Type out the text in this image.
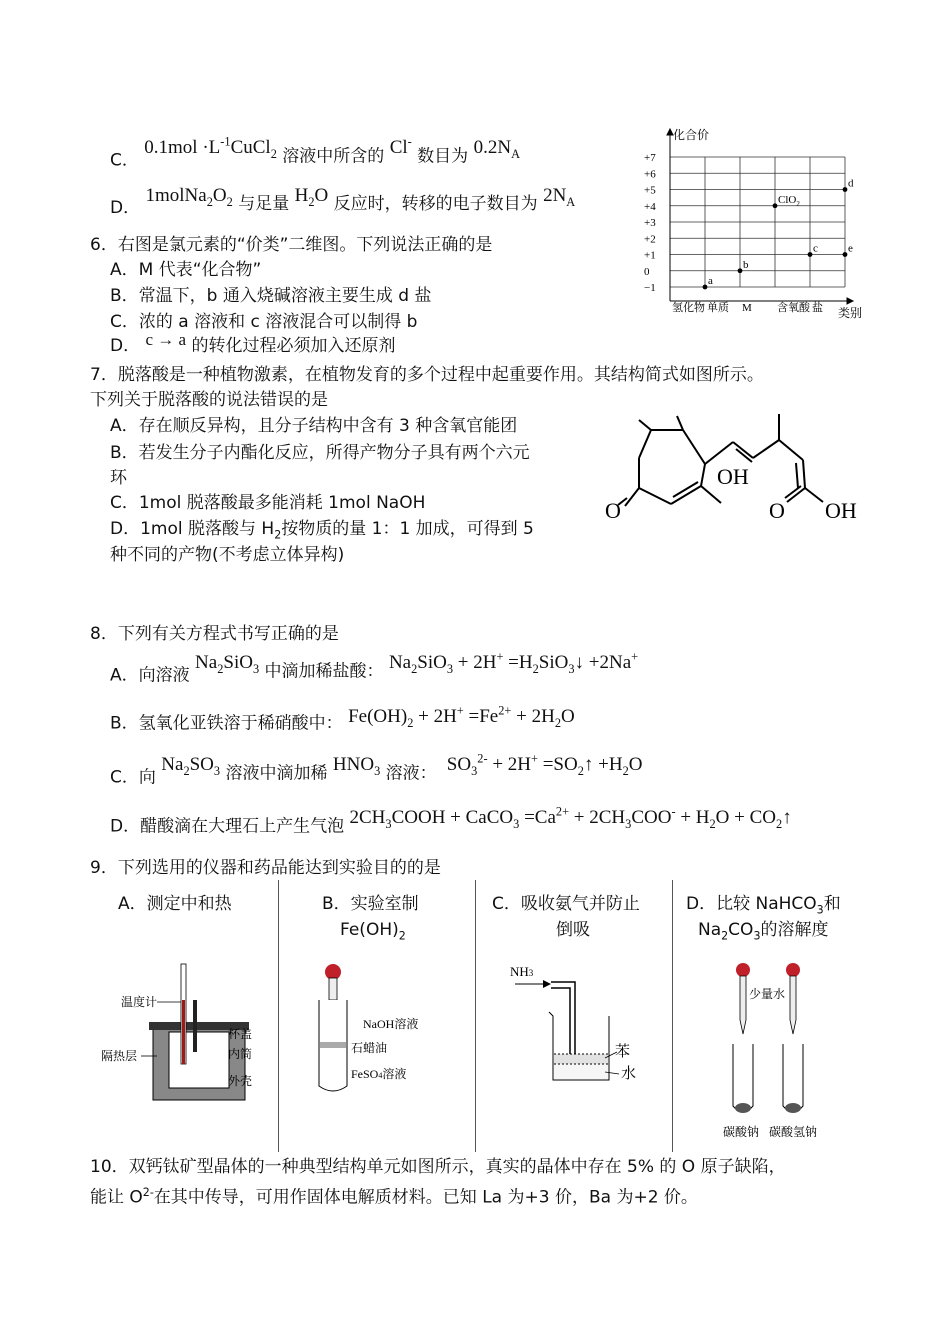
C． $0.1mol \cdot L^{-1}CuCl_2$ 溶液中所含的 Cl- 数目为 $0.2N_A$
D． $1molNa_2O_2$ 与足量 $H_2O$ 反应时，转移的电子数目为 $2N_A$
6．右图是氯元素的“价类”二维图。下列说法正确的是
A．M 代表“化合物”
B．常温下，b 通入烧碱溶液主要生成 d 盐
C．浓的 a 溶液和 c 溶液混合可以制得 b
D． c → a 的转化过程必须加入还原剂
+7
+6
+5
+4
+3
+2
+1
0
−1
氢化物 单质 M 含氧酸 盐
a
b
ClO$_2$
c
d
e
化合价
类别
7．脱落酸是一种植物激素，在植物发育的多个过程中起重要作用。其结构简式如图所示。
下列关于脱落酸的说法错误的是
A．存在顺反异构，且分子结构中含有 3 种含氧官能团
B．若发生分子内酯化反应，所得产物分子具有两个六元
环
C．1mol 脱落酸最多能消耗 1mol NaOH
D．1mol 脱落酸与 $H_2$按物质的量 1：1 加成，可得到 5
种不同的产物(不考虑立体异构)
OH
O	O OH
8．下列有关方程式书写正确的是
A．向溶液 $Na_2SiO_3$ 中滴加稀盐酸： $Na_2SiO_3 + 2H^+$ $=H_2SiO_3↓ +2Na^+$
B．氢氧化亚铁溶于稀硝酸中： $Fe(OH)_2 + 2H^+ =Fe^{2+} + 2H_2O$
C．向 $Na_2SO_3$ 溶液中滴加稀 $HNO_3$ 溶液：  $SO_3^{2-} + 2H^+$ $=SO_2↑ +H_2O$
D．醋酸滴在大理石上产生气泡 $2CH_3COOH$ + CaCO$_3$ $=Ca^{2+} + 2CH_3COO^- + H_2O$ + $CO_2↑$
9．下列选用的仪器和药品能达到实验目的的是
A．测定中和热	B．实验室制
$Fe(OH)_2$
C．吸收氨气并防止
倒吸
D．比较 NaHCO$_3$和
$Na_2CO_3$的溶解度
温度计
杯盖
隔热层	内筒
外壳
NaOH溶液
石蜡油
FeSO4溶液
NH3
苯
水
少量水
碳酸钠 碳酸氢钠
10．双钙钛矿型晶体的一种典型结构单元如图所示，真实的晶体中存在 5% 的 O 原子缺陷，
能让 $O^{2-}$在其中传导，可用作固体电解质材料。已知 La 为+3 价，Ba 为+2 价。
